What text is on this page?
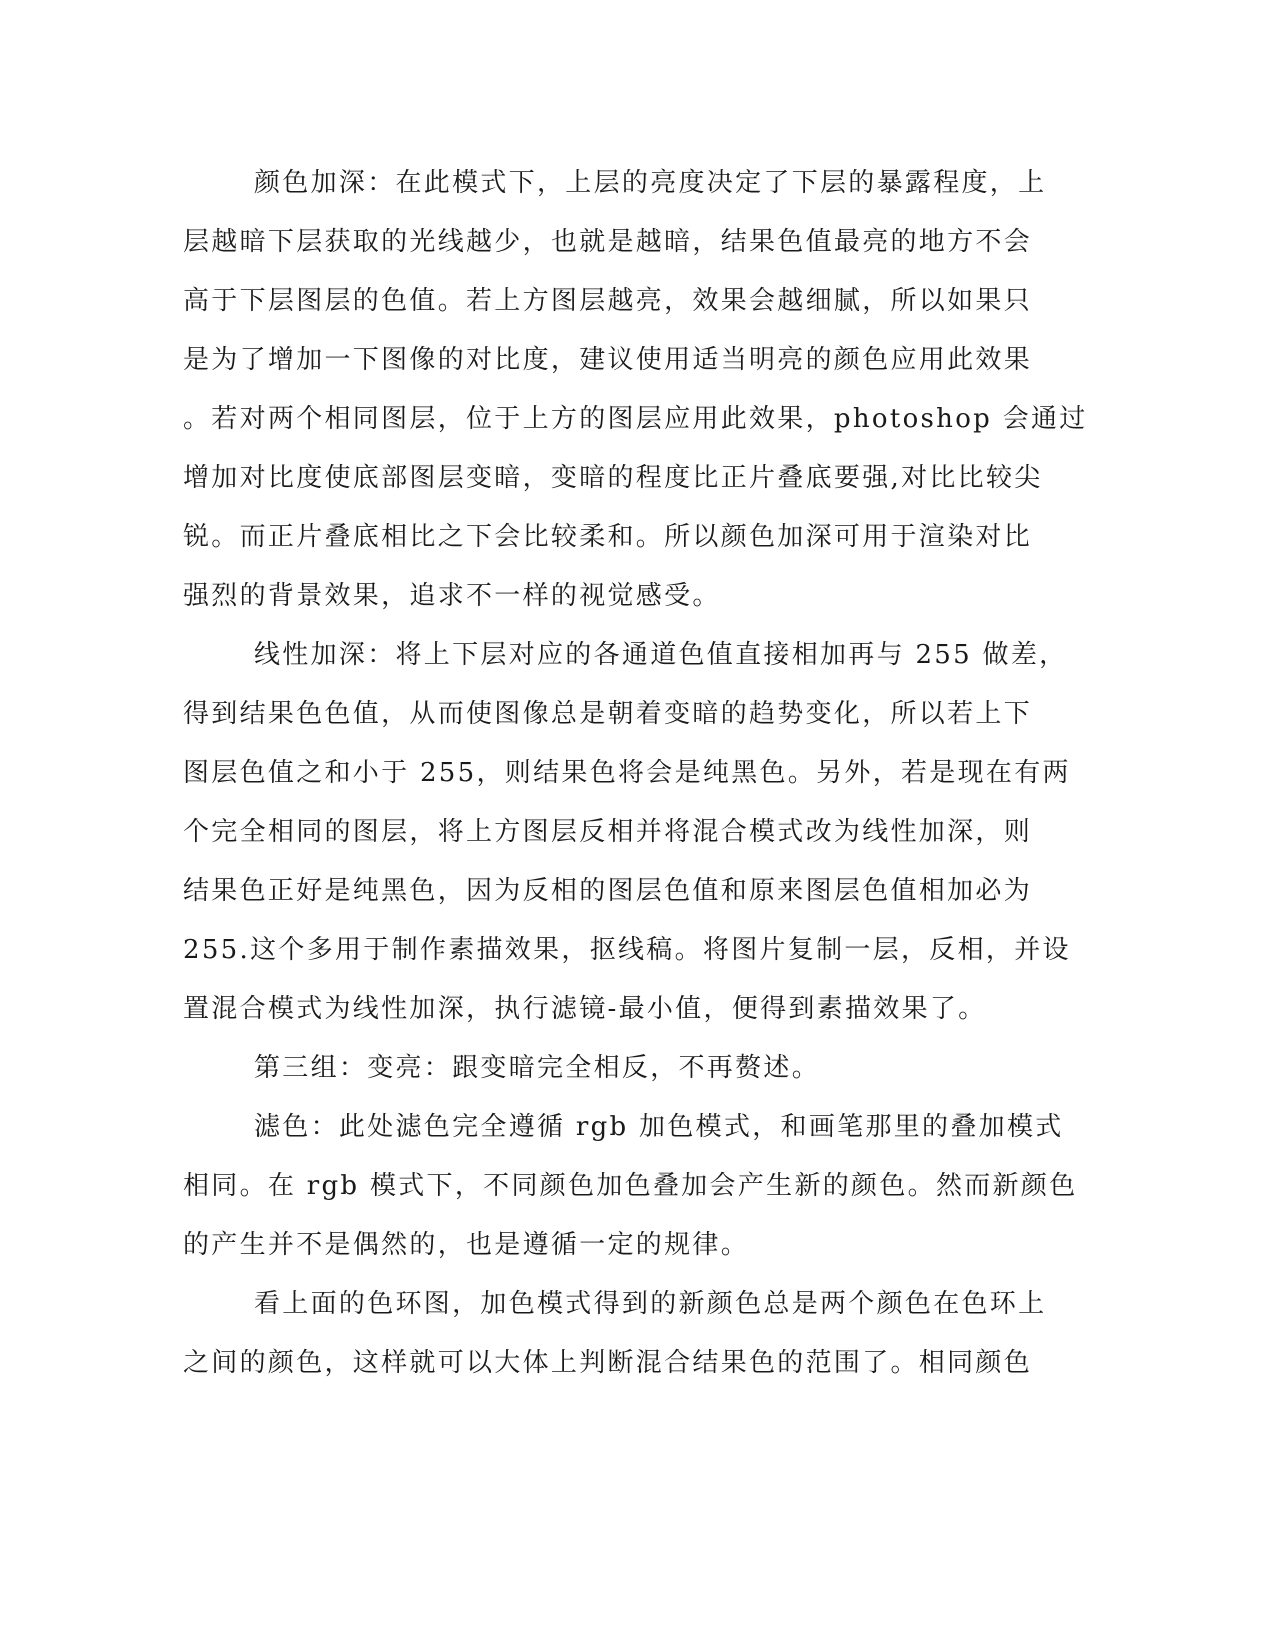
颜色加深：在此模式下，上层的亮度决定了下层的暴露程度，上
层越暗下层获取的光线越少，也就是越暗，结果色值最亮的地方不会
高于下层图层的色值。若上方图层越亮，效果会越细腻，所以如果只
是为了增加一下图像的对比度，建议使用适当明亮的颜色应用此效果
。若对两个相同图层，位于上方的图层应用此效果，photoshop 会通过
增加对比度使底部图层变暗，变暗的程度比正片叠底要强,对比比较尖
锐。而正片叠底相比之下会比较柔和。所以颜色加深可用于渲染对比
强烈的背景效果，追求不一样的视觉感受。
线性加深：将上下层对应的各通道色值直接相加再与 255 做差，
得到结果色色值，从而使图像总是朝着变暗的趋势变化，所以若上下
图层色值之和小于 255，则结果色将会是纯黑色。另外，若是现在有两
个完全相同的图层，将上方图层反相并将混合模式改为线性加深，则
结果色正好是纯黑色，因为反相的图层色值和原来图层色值相加必为
255.这个多用于制作素描效果，抠线稿。将图片复制一层，反相，并设
置混合模式为线性加深，执行滤镜-最小值，便得到素描效果了。
第三组：变亮：跟变暗完全相反，不再赘述。
滤色：此处滤色完全遵循 rgb 加色模式，和画笔那里的叠加模式
相同。在 rgb 模式下，不同颜色加色叠加会产生新的颜色。然而新颜色
的产生并不是偶然的，也是遵循一定的规律。
看上面的色环图，加色模式得到的新颜色总是两个颜色在色环上
之间的颜色，这样就可以大体上判断混合结果色的范围了。相同颜色
